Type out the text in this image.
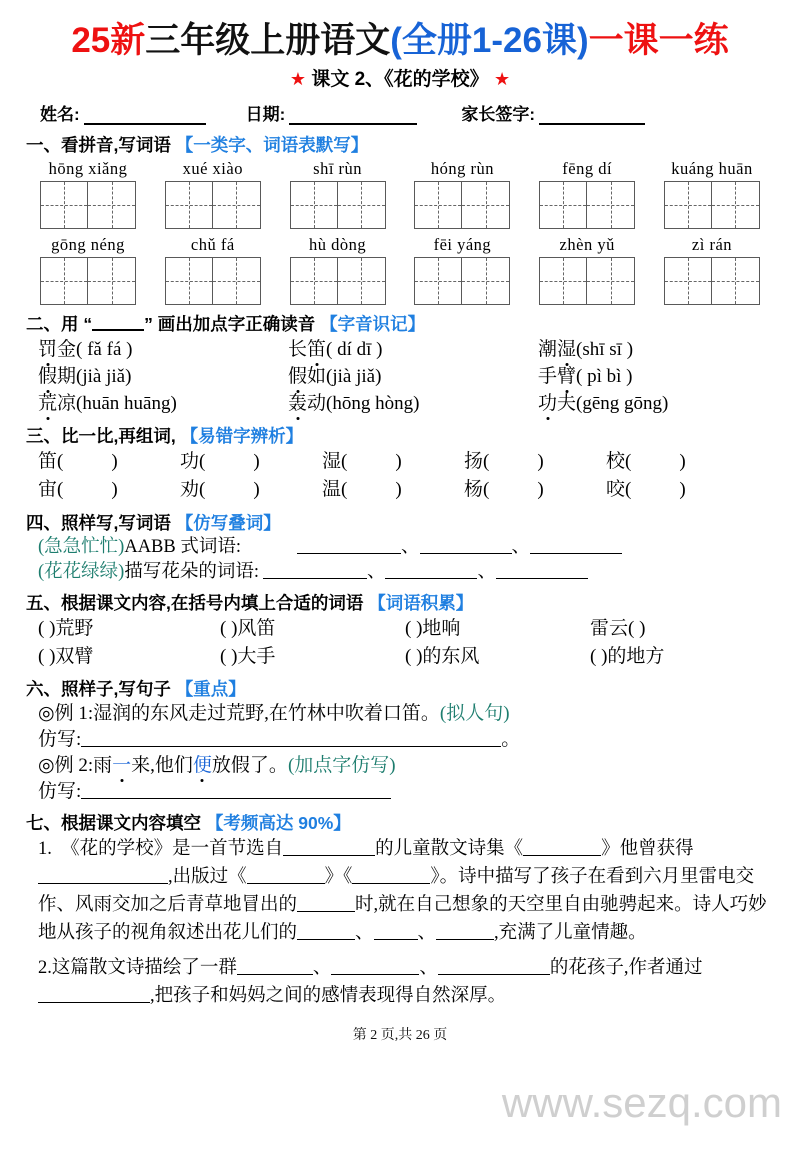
25新三年级上册语文(全册1-26课)一课一练
★ 课文 2、《花的学校》 ★
姓名:	日期:	家长签字:
一、看拼音,写词语 【一类字、词语表默写】
hōng xiǎng	xué xiào	shī rùn	hóng rùn	fēng dí	kuáng huān
gōng néng	chǔ fá	hù dòng	fēi yáng	zhèn yǔ	zì rán
二、用 “	” 画出加点字正确读音 【字音识记】
罚金( fǎ fá )	长笛( dí dī )	潮湿(shī sī )
假期(jià jiǎ)	假如(jià jiǎ)	手臂( pì bì )
荒凉(huān huāng)	轰动(hōng hòng)	功夫(gēng gōng)
三、比一比,再组词, 【易错字辨析】
笛(	)	功(	)	湿(	)	扬(	)	校(	)
宙(	)	劝(	)	温(	)	杨(	)	咬(	)
四、照样写,写词语 【仿写叠词】
(急急忙忙)AABB 式词语:	、	、
(花花绿绿)描写花朵的词语:	、	、
五、根据课文内容,在括号内填上合适的词语 【词语积累】
( )荒野	( )风笛	( )地响	雷云( )
( )双臂	( )大手	( )的东风	( )的地方
六、照样子,写句子 【重点】
◎例 1:湿润的东风走过荒野,在竹林中吹着口笛。(拟人句)
仿写:	。
◎例 2:雨一来,他们便放假了。(加点字仿写)
仿写:
七、根据课文内容填空 【考频高达 90%】
1. 《花的学校》是一首节选自	的儿童散文诗集《	》他曾获得,出版过《	》《	》。诗中描写了孩子在看到六月里雷电交作、风雨交加之后青草地冒出的	时,就在自己想象的天空里自由驰骋起来。诗人巧妙地从孩子的视角叙述出花儿们的	、 、	,充满了儿童情趣。
2.这篇散文诗描绘了一群	、	、	的花孩子,作者通过,把孩子和妈妈之间的感情表现得自然深厚。
第 2 页,共 26 页
www.sezq.com
